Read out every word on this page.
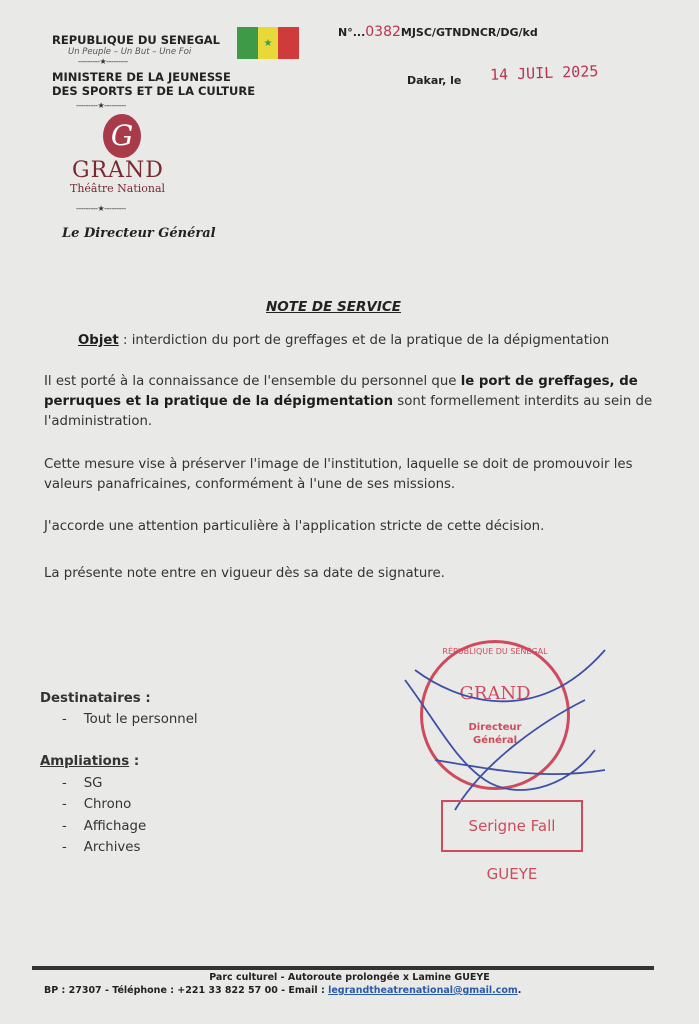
REPUBLIQUE DU SENEGAL
Un Peuple – Un But – Une Foi
---------★---------
MINISTERE DE LA JEUNESSE
DES SPORTS ET DE LA CULTURE
---------★---------
★
G
GRAND
Théâtre National
---------★---------
Le Directeur Général
N°...0382MJSC/GTNDNCR/DG/kd
Dakar, le 14 JUIL 2025
NOTE DE SERVICE
Objet : interdiction du port de greffages et de la pratique de la dépigmentation
Il est porté à la connaissance de l'ensemble du personnel que le port de greffages, de perruques et la pratique de la dépigmentation sont formellement interdits au sein de l'administration.
Cette mesure vise à préserver l'image de l'institution, laquelle se doit de promouvoir les valeurs panafricaines, conformément à l'une de ses missions.
J'accorde une attention particulière à l'application stricte de cette décision.
La présente note entre en vigueur dès sa date de signature.
Destinataires :
-    Tout le personnel
Ampliations :
-    SG
-    Chrono
-    Affichage
-    Archives
RÉPUBLIQUE DU SÉNÉGAL
GRAND
Directeur Général
Serigne Fall GUEYE
Parc culturel - Autoroute prolongée x Lamine GUEYE
BP : 27307 - Téléphone : +221 33 822 57 00 - Email : legrandtheatrenational@gmail.com.
